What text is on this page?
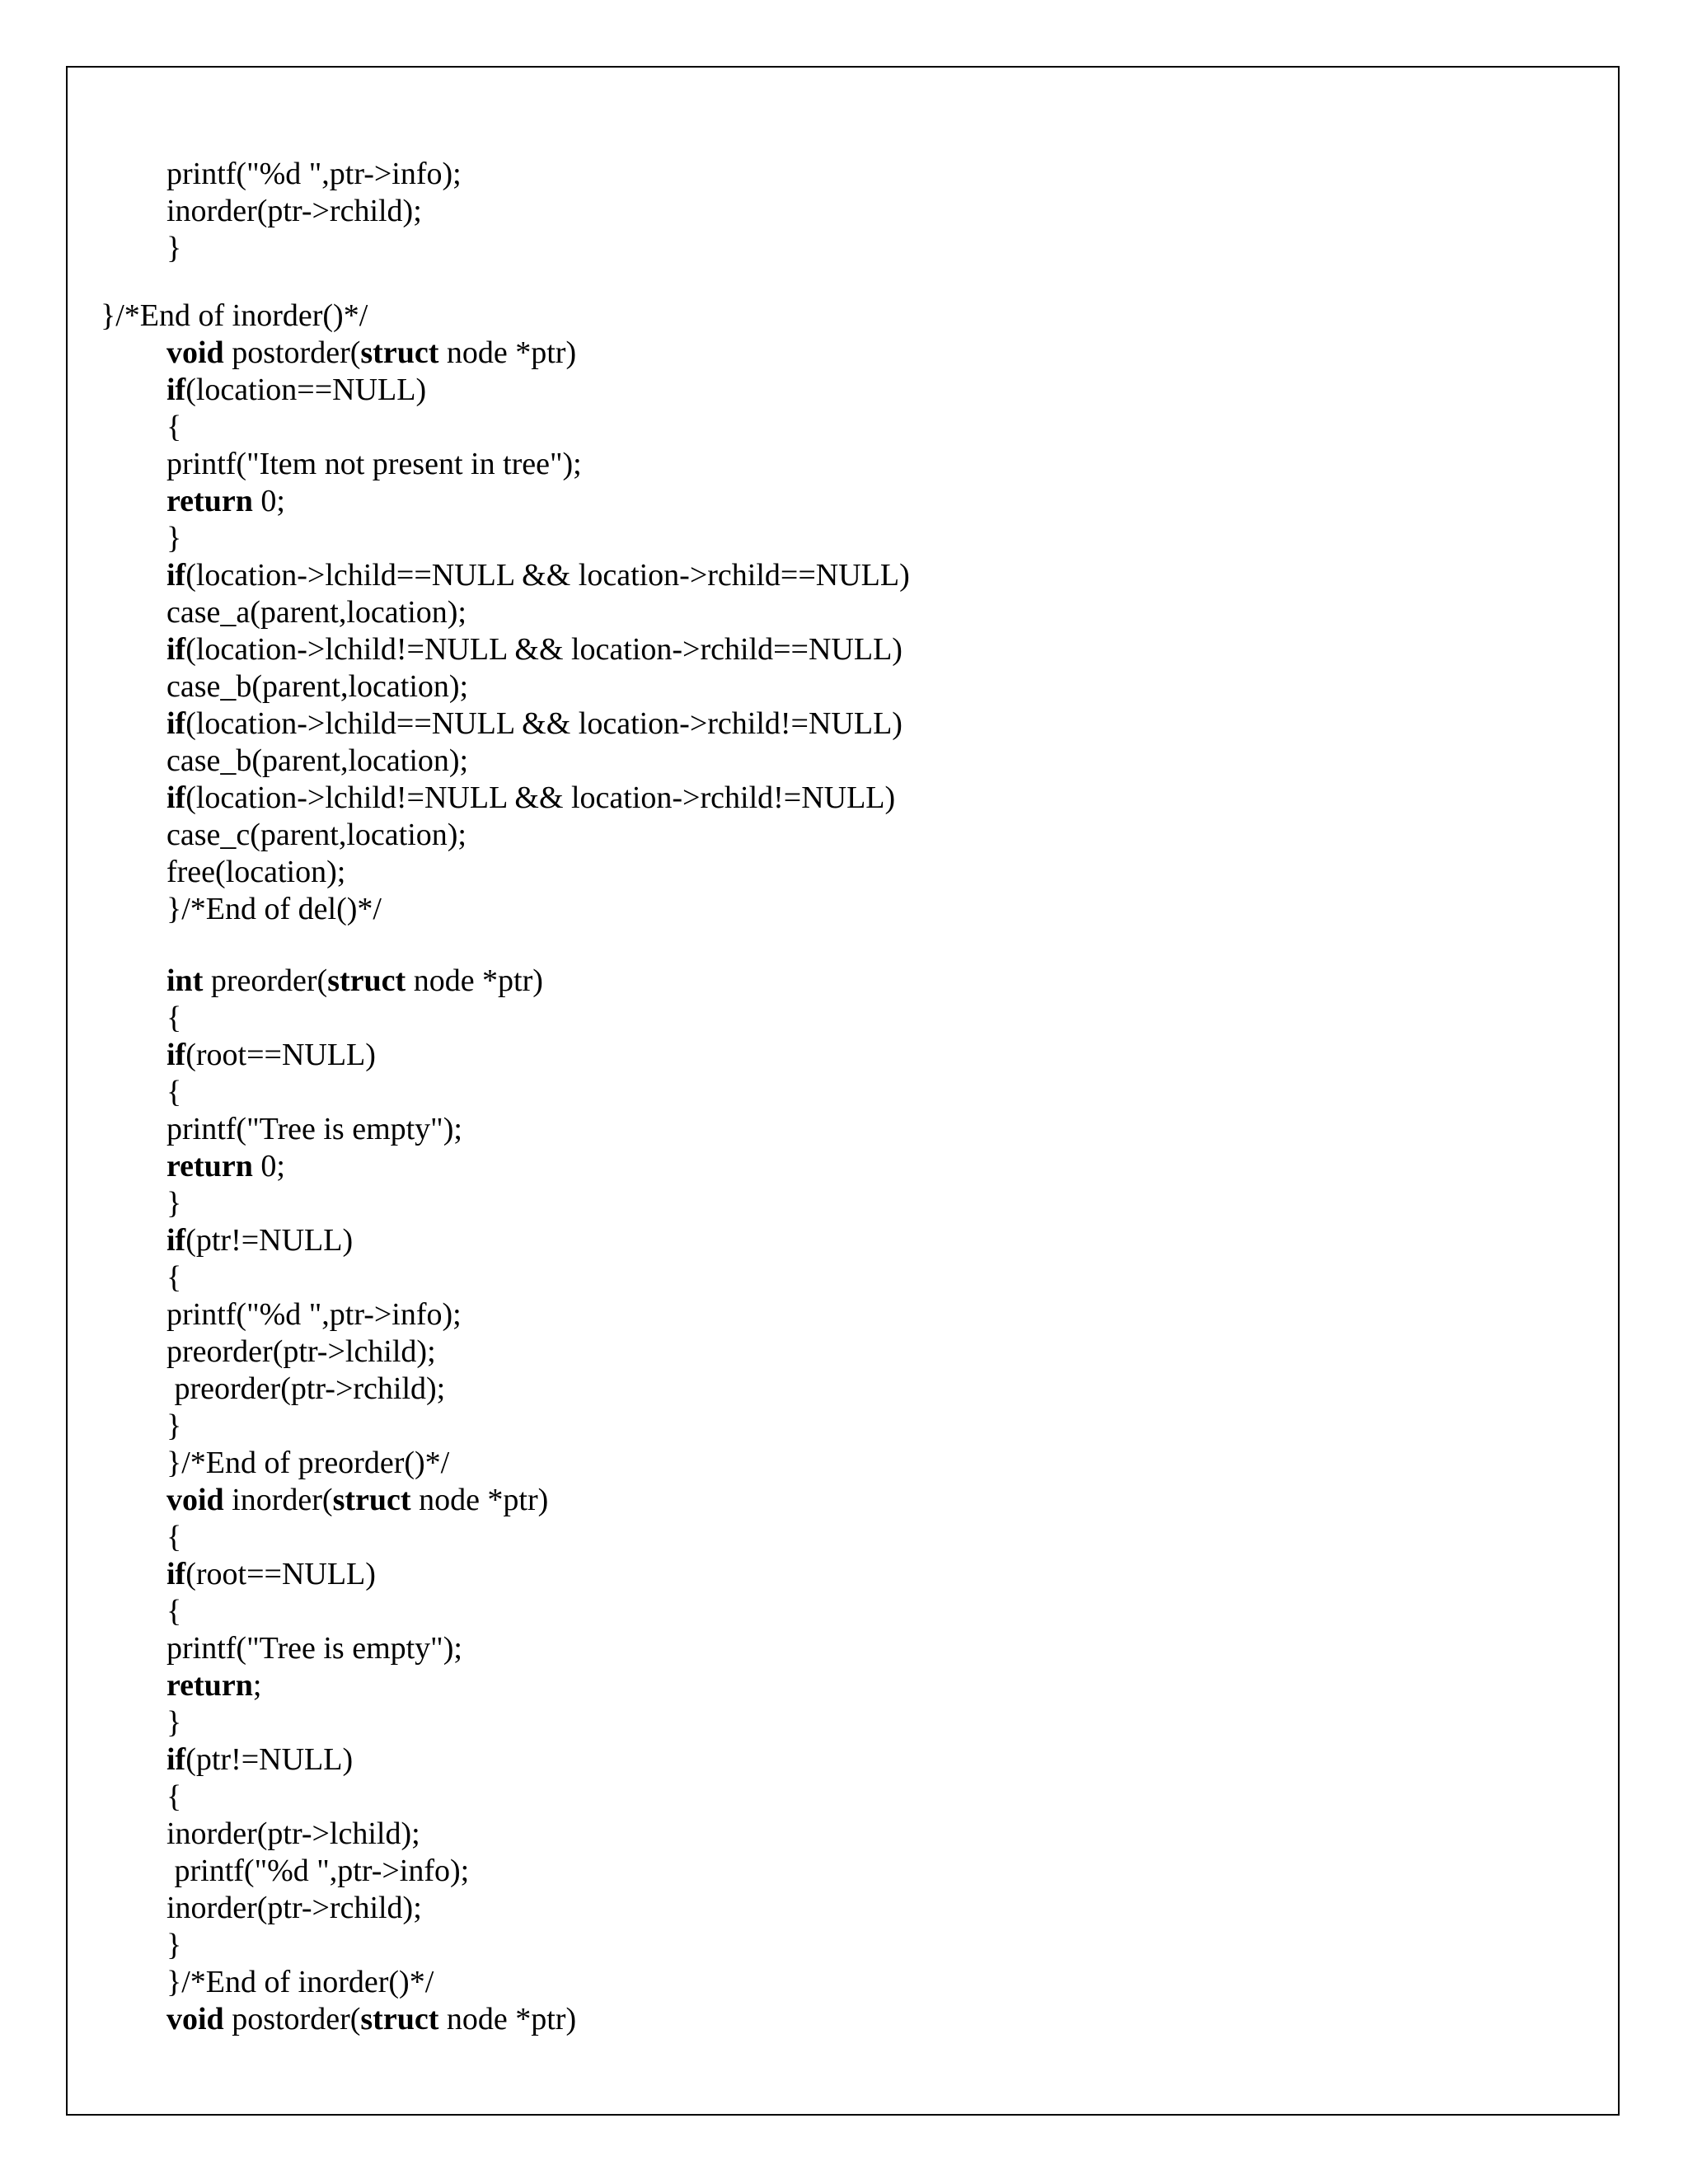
printf("%d ",ptr->info);
inorder(ptr->rchild);
}
}/*End of inorder()*/
void postorder(struct node *ptr)
if(location==NULL)
{
printf("Item not present in tree");
return 0;
}
if(location->lchild==NULL && location->rchild==NULL)
case_a(parent,location);
if(location->lchild!=NULL && location->rchild==NULL)
case_b(parent,location);
if(location->lchild==NULL && location->rchild!=NULL)
case_b(parent,location);
if(location->lchild!=NULL && location->rchild!=NULL)
case_c(parent,location);
free(location);
}/*End of del()*/
int preorder(struct node *ptr)
{
if(root==NULL)
{
printf("Tree is empty");
return 0;
}
if(ptr!=NULL)
{
printf("%d ",ptr->info);
preorder(ptr->lchild);
preorder(ptr->rchild);
}
}/*End of preorder()*/
void inorder(struct node *ptr)
{
if(root==NULL)
{
printf("Tree is empty");
return;
}
if(ptr!=NULL)
{
inorder(ptr->lchild);
printf("%d ",ptr->info);
inorder(ptr->rchild);
}
}/*End of inorder()*/
void postorder(struct node *ptr)
